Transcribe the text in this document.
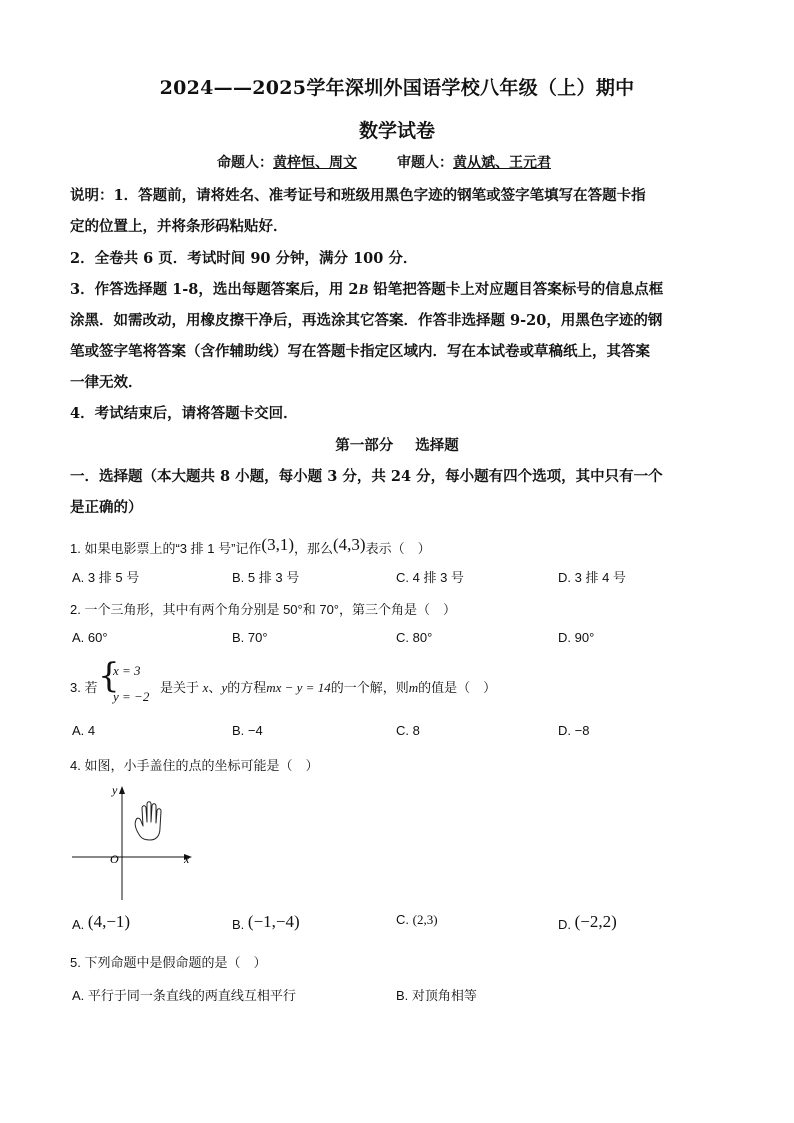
2024——2025学年深圳外国语学校八年级（上）期中
数学试卷
命题人：黄梓恒、周文	审题人：黄从斌、王元君
说明：1．答题前，请将姓名、准考证号和班级用黑色字迹的钢笔或签字笔填写在答题卡指
定的位置上，并将条形码粘贴好．
2．全卷共 6 页．考试时间 90 分钟，满分 100 分．
3．作答选择题 1-8，选出每题答案后，用 2B 铅笔把答题卡上对应题目答案标号的信息点框
涂黑．如需改动，用橡皮擦干净后，再选涂其它答案．作答非选择题 9-20，用黑色字迹的钢
笔或签字笔将答案（含作辅助线）写在答题卡指定区域内．写在本试卷或草稿纸上，其答案
一律无效．
4．考试结束后，请将答题卡交回．
第一部分 选择题
一．选择题（本大题共 8 小题，每小题 3 分，共 24 分，每小题有四个选项，其中只有一个
是正确的）
1. 如果电影票上的“3 排 1 号”记作(3,1)，那么(4,3)表示（　）
A. 3 排 5 号	B. 5 排 3 号	C. 4 排 3 号	D. 3 排 4 号
2. 一个三角形，其中有两个角分别是 50°和 70°，第三个角是（　）
A. 60°	B. 70°	C. 80°	D. 90°
3. 若 {
x = 3
y = −2
是关于 x、y的方程mx − y = 14的一个解，则m的值是（　）
A. 4	B. −4	C. 8	D. −8
4. 如图，小手盖住的点的坐标可能是（　）
y
x
O
A. (4,−1)	B. (−1,−4)	C. (2,3)	D. (−2,2)
5. 下列命题中是假命题的是（　）
A. 平行于同一条直线的两直线互相平行	B. 对顶角相等
